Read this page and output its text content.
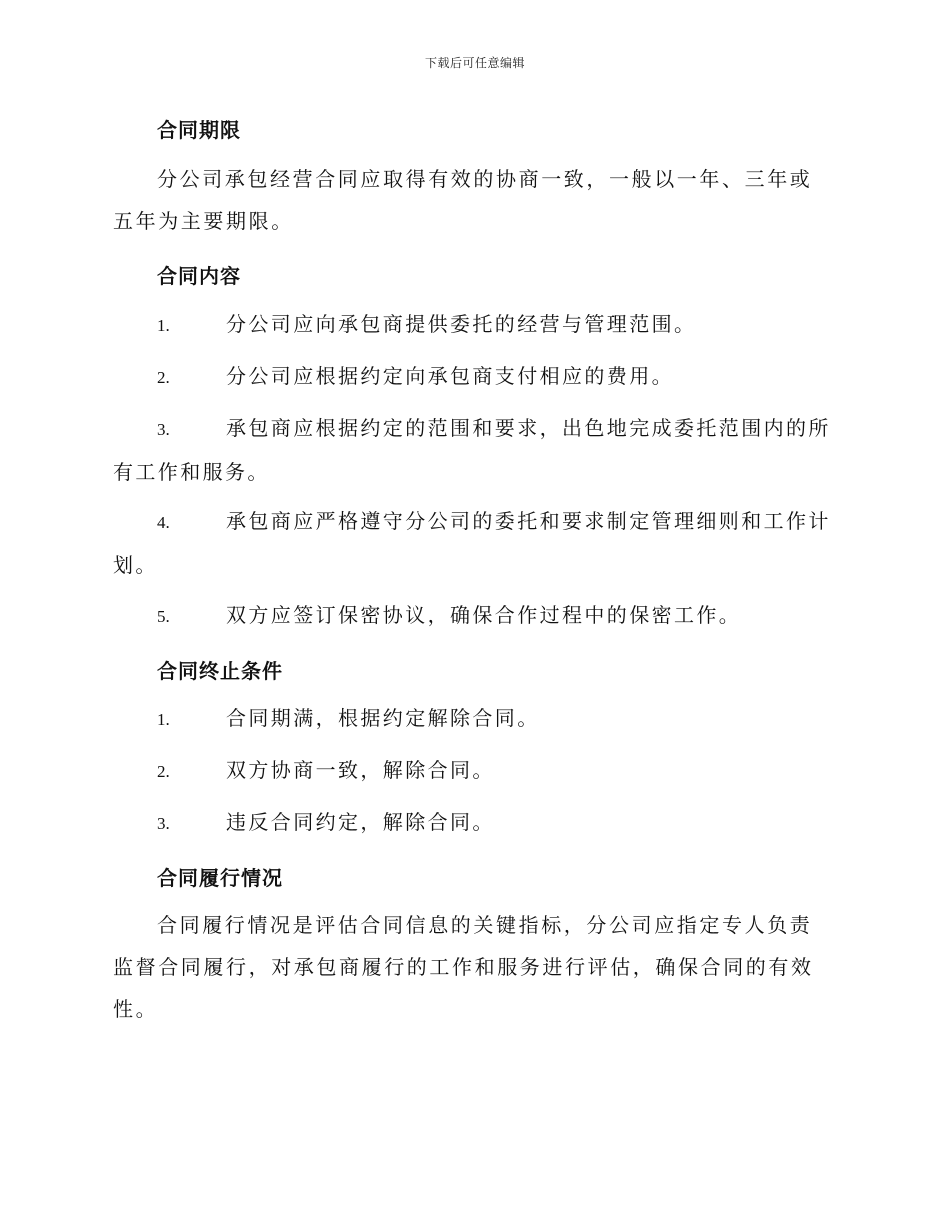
下载后可任意编辑
合同期限
分公司承包经营合同应取得有效的协商一致，一般以一年、三年或五年为主要期限。
合同内容
1.	分公司应向承包商提供委托的经营与管理范围。
2.	分公司应根据约定向承包商支付相应的费用。
3.	承包商应根据约定的范围和要求，出色地完成委托范围内的所有工作和服务。
4.	承包商应严格遵守分公司的委托和要求制定管理细则和工作计划。
5.	双方应签订保密协议，确保合作过程中的保密工作。
合同终止条件
1.	合同期满，根据约定解除合同。
2.	双方协商一致，解除合同。
3.	违反合同约定，解除合同。
合同履行情况
合同履行情况是评估合同信息的关键指标，分公司应指定专人负责监督合同履行，对承包商履行的工作和服务进行评估，确保合同的有效性。
